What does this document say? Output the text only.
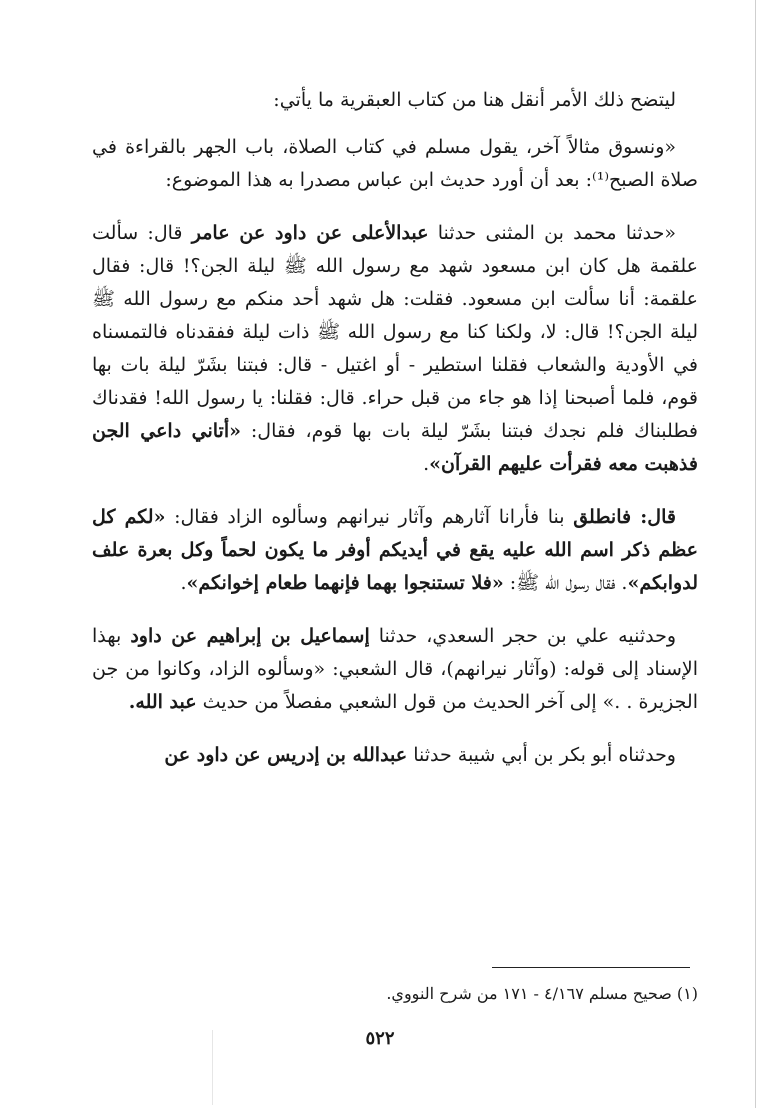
ليتضح ذلك الأمر أنقل هنا من كتاب العبقرية ما يأتي:

«ونسوق مثالاً آخر، يقول مسلم في كتاب الصلاة، باب الجهر بالقراءة في صلاة الصبح⁽¹⁾: بعد أن أورد حديث ابن عباس مصدرا به هذا الموضوع:

«حدثنا محمد بن المثنى حدثنا عبدالأعلى عن داود عن عامر قال: سألت علقمة هل كان ابن مسعود شهد مع رسول الله ﷺ ليلة الجن؟! قال: فقال علقمة: أنا سألت ابن مسعود. فقلت: هل شهد أحد منكم مع رسول الله ﷺ ليلة الجن؟! قال: لا، ولكنا كنا مع رسول الله ﷺ ذات ليلة ففقدناه فالتمسناه في الأودية والشعاب فقلنا استطير - أو اغتيل - قال: فبتنا بشَرّ ليلة بات بها قوم، فلما أصبحنا إذا هو جاء من قبل حراء. قال: فقلنا: يا رسول الله! فقدناك فطلبناك فلم نجدك فبتنا بشَرّ ليلة بات بها قوم، فقال: «أتاني داعي الجن فذهبت معه فقرأت عليهم القرآن».

قال: فانطلق بنا فأرانا آثارهم وآثار نيرانهم وسألوه الزاد فقال: «لكم كل عظم ذكر اسم الله عليه يقع في أيديكم أوفر ما يكون لحماً وكل بعرة علف لدوابكم». فقال رسول الله ﷺ: «فلا تستنجوا بهما فإنهما طعام إخوانكم».

وحدثنيه علي بن حجر السعدي، حدثنا إسماعيل بن إبراهيم عن داود بهذا الإسناد إلى قوله: (وآثار نيرانهم)، قال الشعبي: «وسألوه الزاد، وكانوا من جن الجزيرة . .» إلى آخر الحديث من قول الشعبي مفصلاً من حديث عبد الله.

وحدثناه أبو بكر بن أبي شيبة حدثنا عبدالله بن إدريس عن داود عن

(١) صحيح مسلم ٤/١٦٧ - ١٧١ من شرح النووي.
٥٢٢
